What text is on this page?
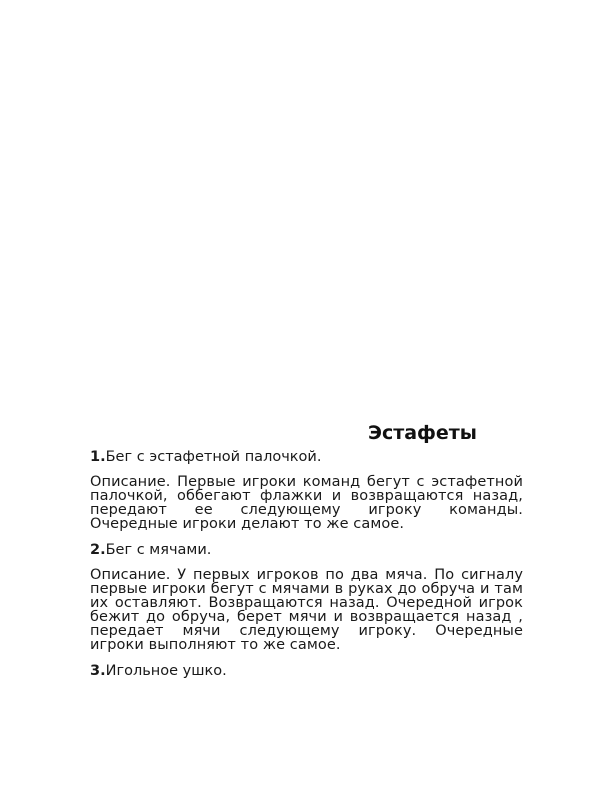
Эстафеты
1.Бег с эстафетной палочкой.

Описание. Первые игроки команд бегут с эстафетной палочкой, оббегают флажки и возвращаются назад, передают ее следующему игроку команды. Очередные игроки делают то же самое.

2.Бег с мячами.

Описание. У первых игроков по два мяча. По сигналу первые игроки бегут с мячами в руках до обруча и там их оставляют. Возвращаются назад. Очередной игрок бежит до обруча, берет мячи и возвращается назад , передает мячи следующему игроку. Очередные игроки выполняют то же самое.

3.Игольное ушко.
